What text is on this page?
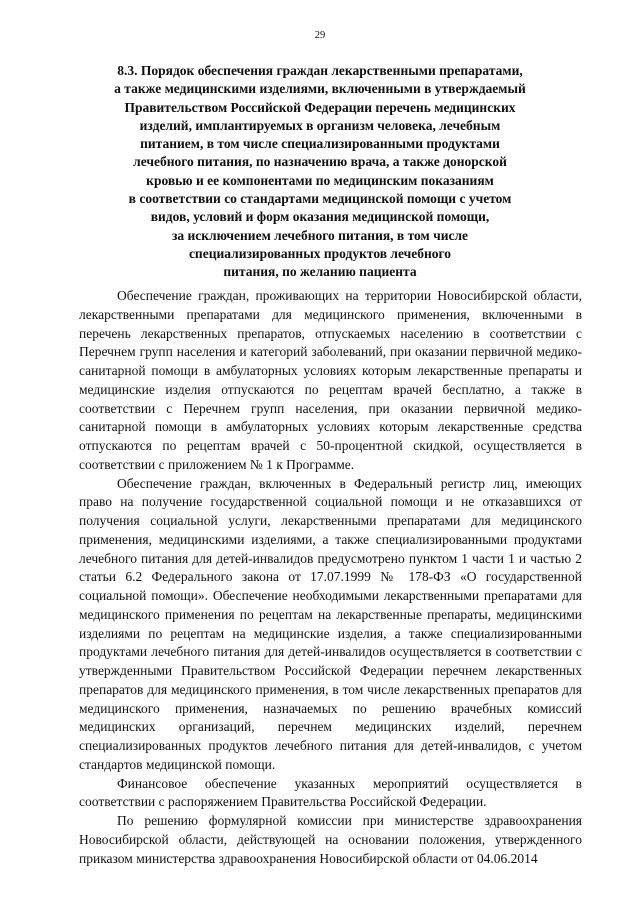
29
8.3. Порядок обеспечения граждан лекарственными препаратами,
а также медицинскими изделиями, включенными в утверждаемый
Правительством Российской Федерации перечень медицинских
изделий, имплантируемых в организм человека, лечебным
питанием, в том числе специализированными продуктами
лечебного питания, по назначению врача, а также донорской
кровью и ее компонентами по медицинским показаниям
в соответствии со стандартами медицинской помощи с учетом
видов, условий и форм оказания медицинской помощи,
за исключением лечебного питания, в том числе
специализированных продуктов лечебного
питания, по желанию пациента

Обеспечение граждан, проживающих на территории Новосибирской области, лекарственными препаратами для медицинского применения, включенными в перечень лекарственных препаратов, отпускаемых населению в соответствии с Перечнем групп населения и категорий заболеваний, при оказании первичной медико-санитарной помощи в амбулаторных условиях которым лекарственные препараты и медицинские изделия отпускаются по рецептам врачей бесплатно, а также в соответствии с Перечнем групп населения, при оказании первичной медико-санитарной помощи в амбулаторных условиях которым лекарственные средства отпускаются по рецептам врачей с 50-процентной скидкой, осуществляется в соответствии с приложением № 1 к Программе.

Обеспечение граждан, включенных в Федеральный регистр лиц, имеющих право на получение государственной социальной помощи и не отказавшихся от получения социальной услуги, лекарственными препаратами для медицинского применения, медицинскими изделиями, а также специализированными продуктами лечебного питания для детей-инвалидов предусмотрено пунктом 1 части 1 и частью 2 статьи 6.2 Федерального закона от 17.07.1999 № 178-ФЗ «О государственной социальной помощи». Обеспечение необходимыми лекарственными препаратами для медицинского применения по рецептам на лекарственные препараты, медицинскими изделиями по рецептам на медицинские изделия, а также специализированными продуктами лечебного питания для детей-инвалидов осуществляется в соответствии с утвержденными Правительством Российской Федерации перечнем лекарственных препаратов для медицинского применения, в том числе лекарственных препаратов для медицинского применения, назначаемых по решению врачебных комиссий медицинских организаций, перечнем медицинских изделий, перечнем специализированных продуктов лечебного питания для детей-инвалидов, с учетом стандартов медицинской помощи.

Финансовое обеспечение указанных мероприятий осуществляется в соответствии с распоряжением Правительства Российской Федерации.

По решению формулярной комиссии при министерстве здравоохранения Новосибирской области, действующей на основании положения, утвержденного приказом министерства здравоохранения Новосибирской области от 04.06.2014
